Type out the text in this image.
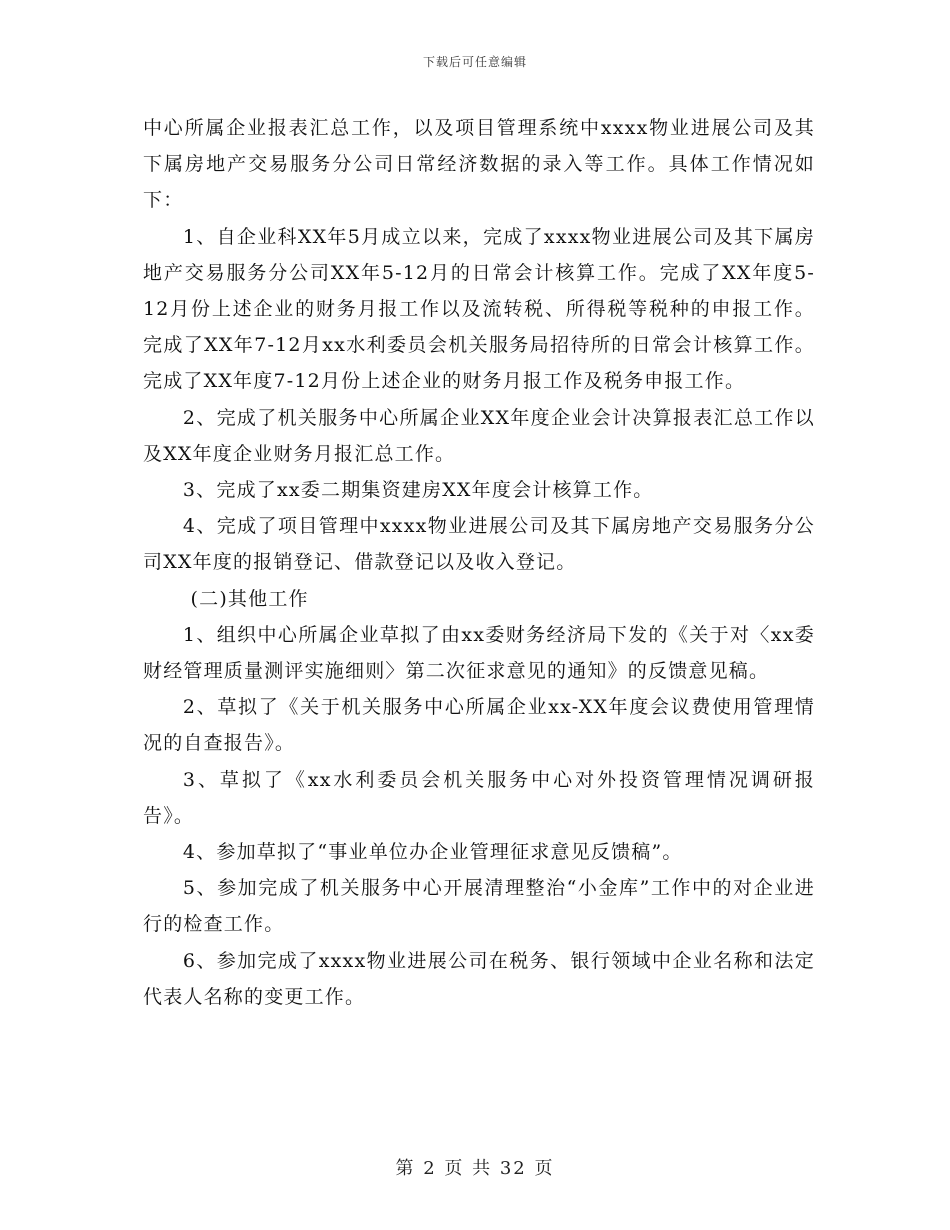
下载后可任意编辑

中心所属企业报表汇总工作，以及项目管理系统中xxxx物业进展公司及其下属房地产交易服务分公司日常经济数据的录入等工作。具体工作情况如下：

1、自企业科XX年5月成立以来，完成了xxxx物业进展公司及其下属房地产交易服务分公司XX年5-12月的日常会计核算工作。完成了XX年度5-12月份上述企业的财务月报工作以及流转税、所得税等税种的申报工作。完成了XX年7-12月xx水利委员会机关服务局招待所的日常会计核算工作。完成了XX年度7-12月份上述企业的财务月报工作及税务申报工作。

2、完成了机关服务中心所属企业XX年度企业会计决算报表汇总工作以及XX年度企业财务月报汇总工作。

3、完成了xx委二期集资建房XX年度会计核算工作。

4、完成了项目管理中xxxx物业进展公司及其下属房地产交易服务分公司XX年度的报销登记、借款登记以及收入登记。

(二)其他工作

1、组织中心所属企业草拟了由xx委财务经济局下发的《关于对〈xx委财经管理质量测评实施细则〉第二次征求意见的通知》的反馈意见稿。

2、草拟了《关于机关服务中心所属企业xx-XX年度会议费使用管理情况的自查报告》。

3、草拟了《xx水利委员会机关服务中心对外投资管理情况调研报告》。

4、参加草拟了“事业单位办企业管理征求意见反馈稿”。

5、参加完成了机关服务中心开展清理整治“小金库”工作中的对企业进行的检查工作。

6、参加完成了xxxx物业进展公司在税务、银行领域中企业名称和法定代表人名称的变更工作。

第 2 页 共 32 页
